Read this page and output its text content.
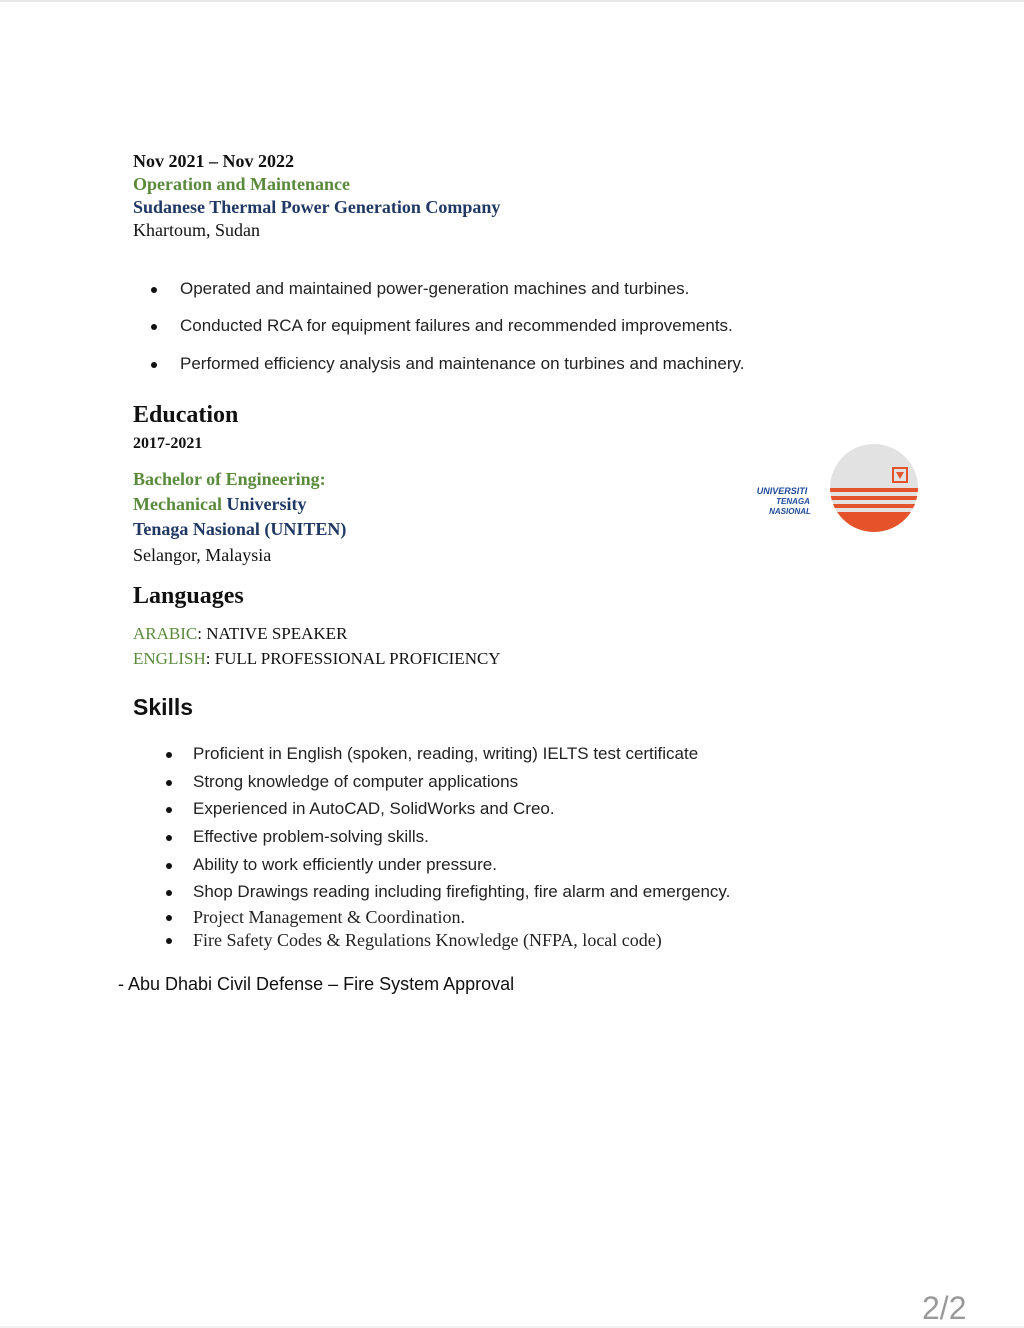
Nov 2021 – Nov 2022
Operation and Maintenance
Sudanese Thermal Power Generation Company
Khartoum, Sudan
Operated and maintained power-generation machines and turbines.
Conducted RCA for equipment failures and recommended improvements.
Performed efficiency analysis and maintenance on turbines and machinery.
Education
2017-2021
Bachelor of Engineering:
Mechanical University
Tenaga Nasional (UNITEN)
Selangor, Malaysia
UNIVERSITI
TENAGA
NASIONAL
Languages
ARABIC: NATIVE SPEAKER
ENGLISH: FULL PROFESSIONAL PROFICIENCY
Skills
Proficient in English (spoken, reading, writing) IELTS test certificate
Strong knowledge of computer applications
Experienced in AutoCAD, SolidWorks and Creo.
Effective problem-solving skills.
Ability to work efficiently under pressure.
Shop Drawings reading including firefighting, fire alarm and emergency.
Project Management & Coordination.
Fire Safety Codes & Regulations Knowledge (NFPA, local code)
- Abu Dhabi Civil Defense – Fire System Approval
2/2
